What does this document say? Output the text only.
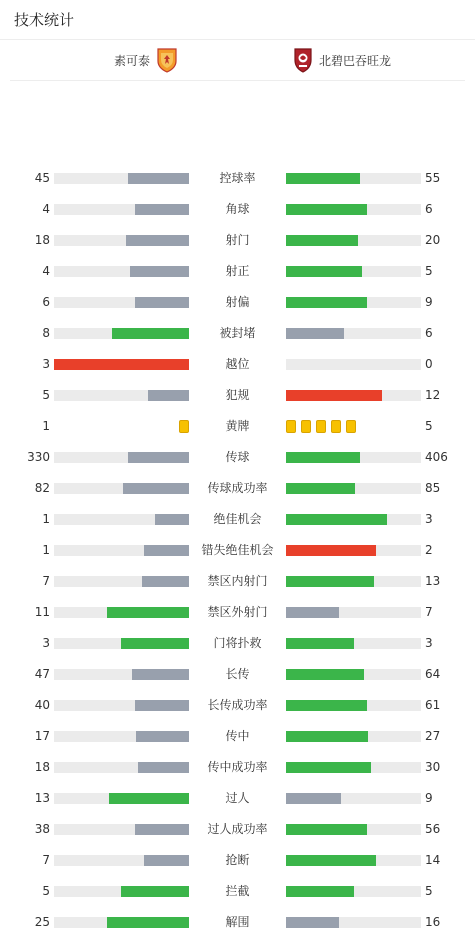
技术统计
素可泰	北碧巴吞旺龙
45	控球率	55
4	角球	6
18	射门	20
4	射正	5
6	射偏	9
8	被封堵	6
3	越位	0
5	犯规	12
1	黄牌	5
330	传球	406
82	传球成功率	85
1	绝佳机会	3
1	错失绝佳机会	2
7	禁区内射门	13
11	禁区外射门	7
3	门将扑救	3
47	长传	64
40	长传成功率	61
17	传中	27
18	传中成功率	30
13	过人	9
38	过人成功率	56
7	抢断	14
5	拦截	5
25	解围	16
